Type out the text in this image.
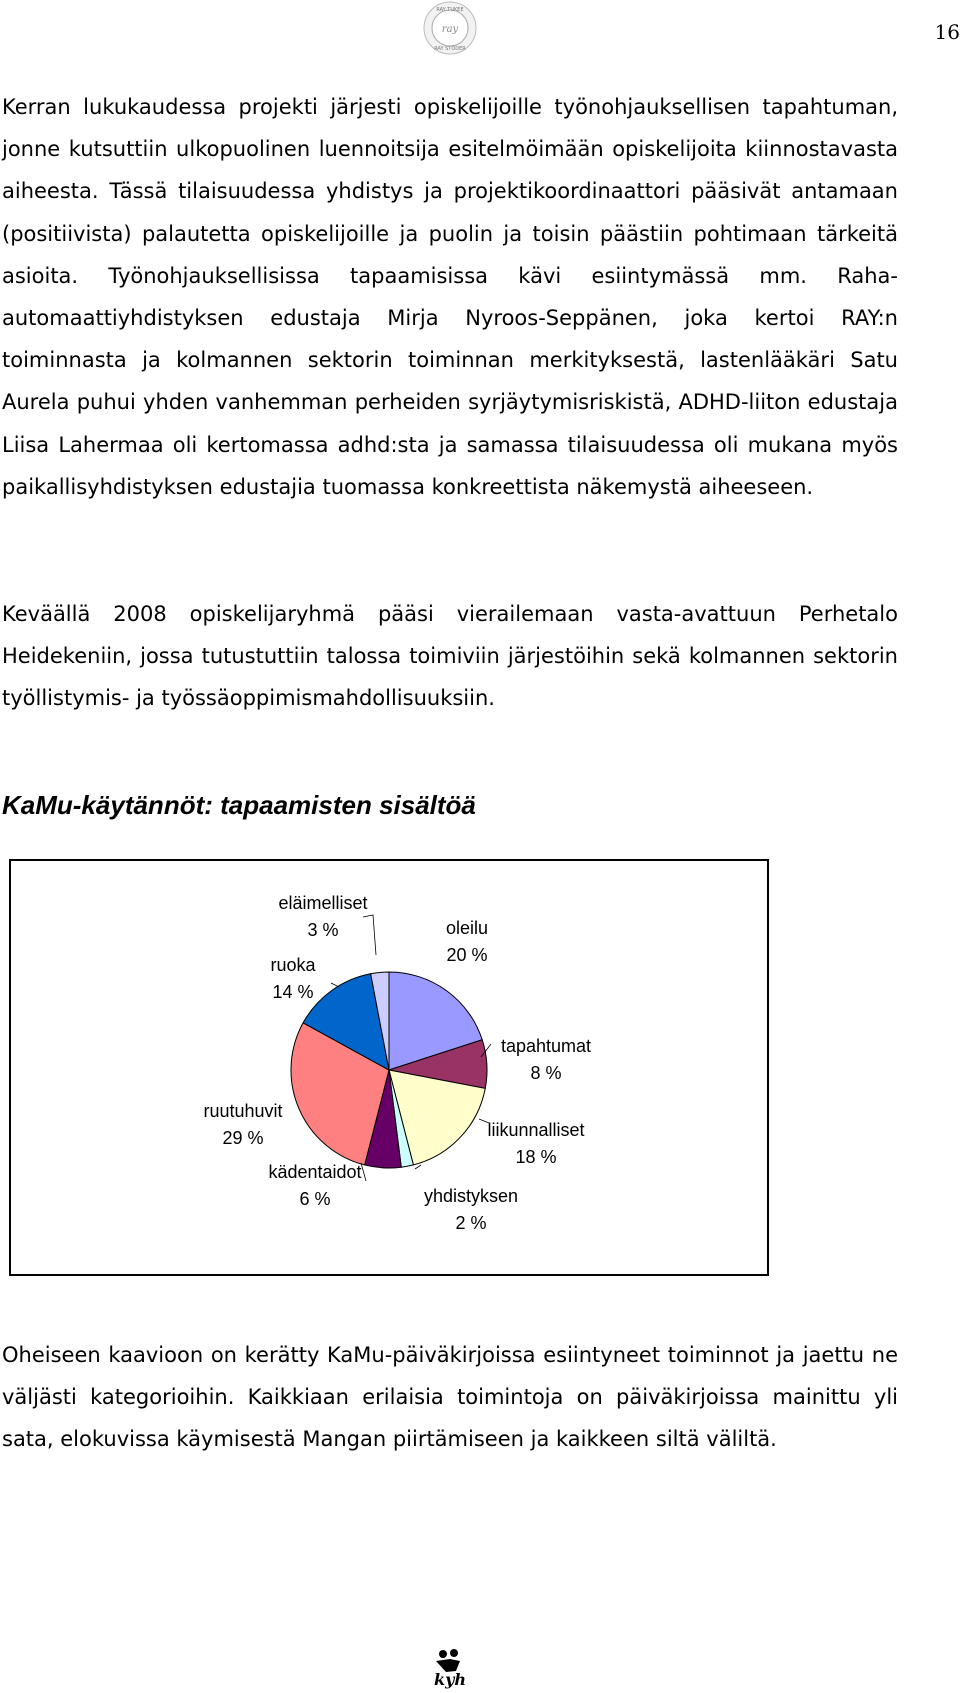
16
RAY TUKEE
ray
RAY STÖDER

Kerran lukukaudessa projekti järjesti opiskelijoille työnohjauksellisen tapahtuman, jonne kutsuttiin ulkopuolinen luennoitsija esitelmöimään opiskelijoita kiinnostavasta aiheesta. Tässä tilaisuudessa yhdistys ja projektikoordinaattori pääsivät antamaan (positiivista) palautetta opiskelijoille ja puolin ja toisin päästiin pohtimaan tärkeitä asioita. Työnohjauksellisissa tapaamisissa kävi esiintymässä mm. Raha-automaattiyhdistyksen edustaja Mirja Nyroos-Seppänen, joka kertoi RAY:n toiminnasta ja kolmannen sektorin toiminnan merkityksestä, lastenlääkäri Satu Aurela puhui yhden vanhemman perheiden syrjäytymisriskistä, ADHD-liiton edustaja Liisa Lahermaa oli kertomassa adhd:sta ja samassa tilaisuudessa oli mukana myös paikallisyhdistyksen edustajia tuomassa konkreettista näkemystä aiheeseen.

Keväällä 2008 opiskelijaryhmä pääsi vierailemaan vasta-avattuun Perhetalo Heidekeniin, jossa tutustuttiin talossa toimiviin järjestöihin sekä kolmannen sektorin työllistymis- ja työssäoppimismahdollisuuksiin.

KaMu-käytännöt: tapaamisten sisältöä
oleilu
20 %
tapahtumat
8 %
liikunnalliset
18 %
yhdistyksen
2 %
kädentaidot
6 %
ruutuhuvit
29 %
ruoka
14 %
eläimelliset
3 %

Oheiseen kaavioon on kerätty KaMu-päiväkirjoissa esiintyneet toiminnot ja jaettu ne väljästi kategorioihin. Kaikkiaan erilaisia toimintoja on päiväkirjoissa mainittu yli sata, elokuvissa käymisestä Mangan piirtämiseen ja kaikkeen siltä väliltä.

kyh
